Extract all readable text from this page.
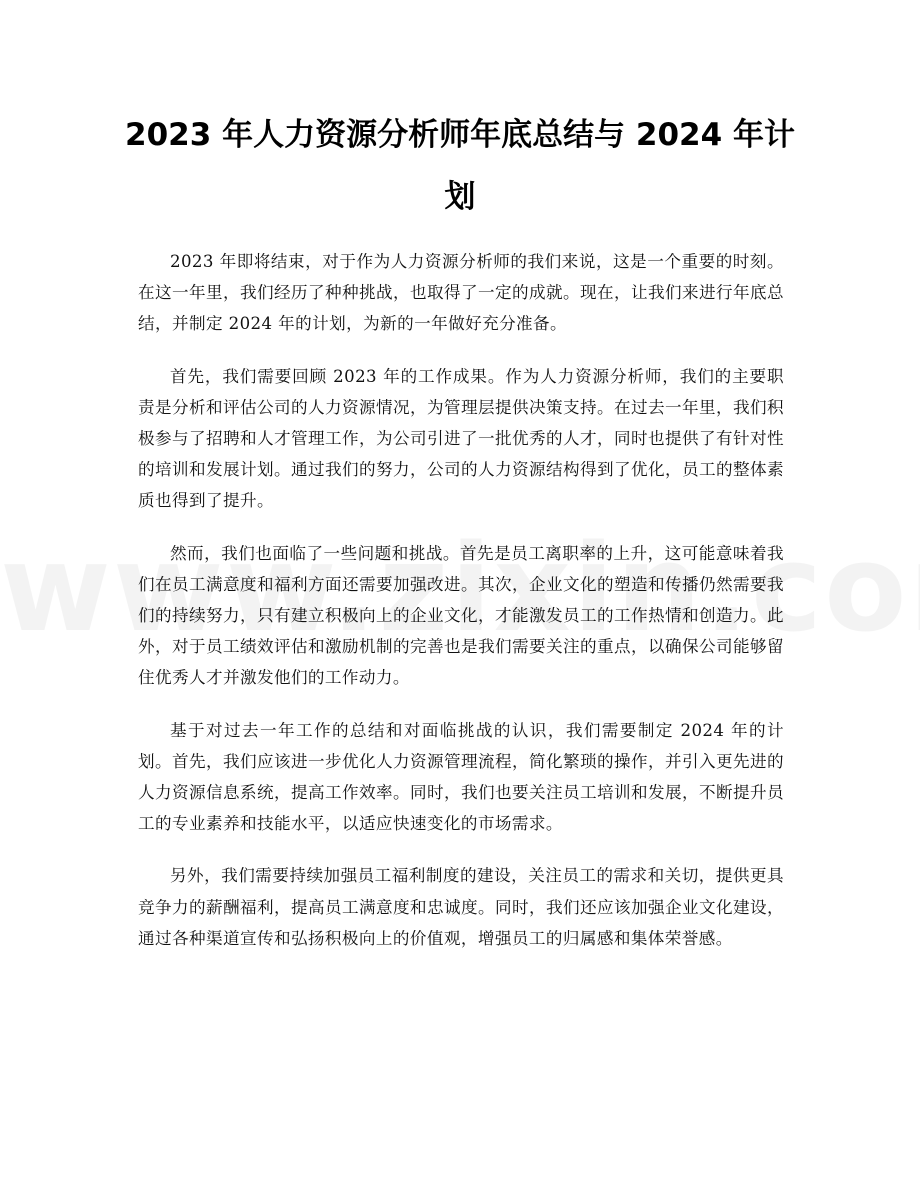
2023 年人力资源分析师年底总结与 2024 年计划

2023 年即将结束，对于作为人力资源分析师的我们来说，这是一个重要的时刻。在这一年里，我们经历了种种挑战，也取得了一定的成就。现在，让我们来进行年底总结，并制定 2024 年的计划，为新的一年做好充分准备。

首先，我们需要回顾 2023 年的工作成果。作为人力资源分析师，我们的主要职责是分析和评估公司的人力资源情况，为管理层提供决策支持。在过去一年里，我们积极参与了招聘和人才管理工作，为公司引进了一批优秀的人才，同时也提供了有针对性的培训和发展计划。通过我们的努力，公司的人力资源结构得到了优化，员工的整体素质也得到了提升。

然而，我们也面临了一些问题和挑战。首先是员工离职率的上升，这可能意味着我们在员工满意度和福利方面还需要加强改进。其次，企业文化的塑造和传播仍然需要我们的持续努力，只有建立积极向上的企业文化，才能激发员工的工作热情和创造力。此外，对于员工绩效评估和激励机制的完善也是我们需要关注的重点，以确保公司能够留住优秀人才并激发他们的工作动力。

基于对过去一年工作的总结和对面临挑战的认识，我们需要制定 2024 年的计划。首先，我们应该进一步优化人力资源管理流程，简化繁琐的操作，并引入更先进的人力资源信息系统，提高工作效率。同时，我们也要关注员工培训和发展，不断提升员工的专业素养和技能水平，以适应快速变化的市场需求。

另外，我们需要持续加强员工福利制度的建设，关注员工的需求和关切，提供更具竞争力的薪酬福利，提高员工满意度和忠诚度。同时，我们还应该加强企业文化建设，通过各种渠道宣传和弘扬积极向上的价值观，增强员工的归属感和集体荣誉感。
